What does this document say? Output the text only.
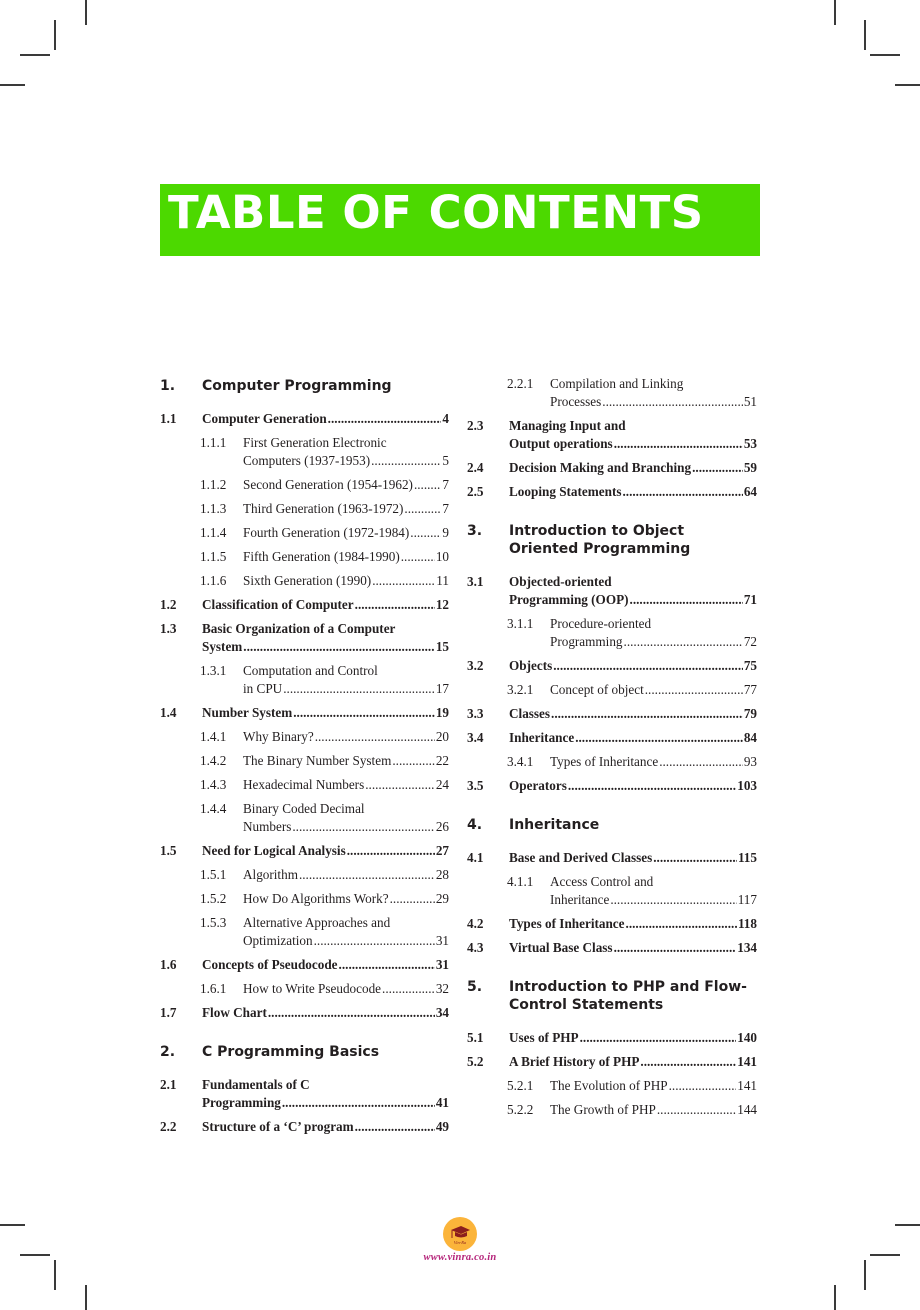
TABLE OF CONTENTS
1. Computer Programming
1.1 Computer Generation .....	4
1.1.1 First Generation Electronic
Computers (1937-1953) .....	5
1.1.2 Second Generation (1954-1962) ..... 7
1.1.3 Third Generation (1963-1972) .....	7
1.1.4 Fourth Generation (1972-1984) .....	9
1.1.5 Fifth Generation (1984-1990) .....	10
1.1.6 Sixth Generation (1990) .....	11
1.2 Classification of Computer .....	12
1.3 Basic Organization of a Computer
System .....	15
1.3.1 Computation and Control
in CPU .....	17
1.4 Number System .....	19
1.4.1 Why Binary? .....	20
1.4.2 The Binary Number System .....	22
1.4.3 Hexadecimal Numbers .....	24
1.4.4 Binary Coded Decimal
Numbers .....	26
1.5 Need for Logical Analysis .....	27
1.5.1 Algorithm .....	28
1.5.2 How Do Algorithms Work? .....	29
1.5.3 Alternative Approaches and
Optimization .....	31
1.6 Concepts of Pseudocode .....	31
1.6.1 How to Write Pseudocode .....	32
1.7 Flow Chart .....	34
2. C Programming Basics
2.1 Fundamentals of C
Programming .....	41
2.2 Structure of a ‘C’ program .....	49
2.2.1 Compilation and Linking
Processes .....	51
2.3 Managing Input and
Output operations .....	53
2.4 Decision Making and Branching .....	59
2.5 Looping Statements .....	64
3. Introduction to Object
Oriented Programming
3.1 Objected-oriented
Programming (OOP) .....	71
3.1.1 Procedure-oriented
Programming .....	72
3.2 Objects .....	75
3.2.1 Concept of object .....	77
3.3 Classes .....	79
3.4 Inheritance .....	84
3.4.1 Types of Inheritance .....	93
3.5 Operators .....	103
4. Inheritance
4.1 Base and Derived Classes .....	115
4.1.1 Access Control and
Inheritance .....	117
4.2 Types of Inheritance .....	118
4.3 Virtual Base Class .....	134
5. Introduction to PHP and Flow-
Control Statements
5.1 Uses of PHP .....	140
5.2 A Brief History of PHP .....	141
5.2.1 The Evolution of PHP .....	141
5.2.2 The Growth of PHP .....	144
Vin-Ra
www.vinra.co.in
